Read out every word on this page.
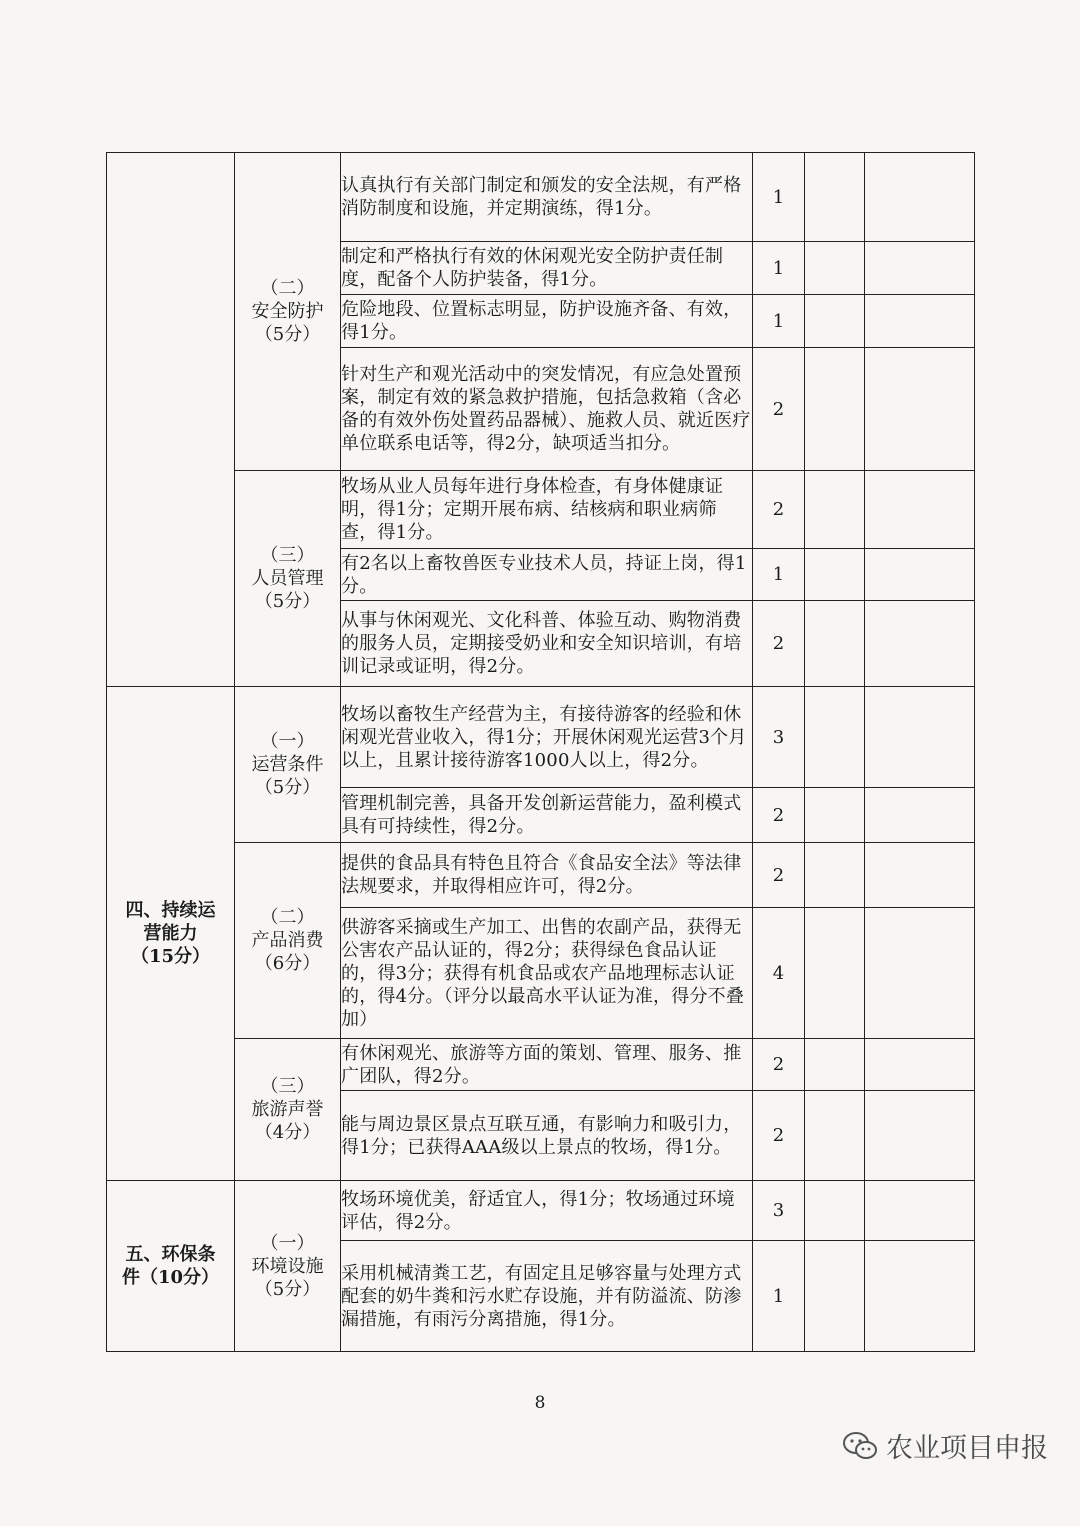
	（二）
安全防护
（5分）	认真执行有关部门制定和颁发的安全法规，有严格消防制度和设施，并定期演练，得1分。	1		
		制定和严格执行有效的休闲观光安全防护责任制度，配备个人防护装备，得1分。	1		
		危险地段、位置标志明显，防护设施齐备、有效，得1分。	1		
		针对生产和观光活动中的突发情况，有应急处置预案，制定有效的紧急救护措施，包括急救箱（含必备的有效外伤处置药品器械）、施救人员、就近医疗单位联系电话等，得2分，缺项适当扣分。	2		

	（三）
人员管理
（5分）	牧场从业人员每年进行身体检查，有身体健康证明，得1分；定期开展布病、结核病和职业病筛查，得1分。	2		
		有2名以上畜牧兽医专业技术人员，持证上岗，得1分。	1		
		从事与休闲观光、文化科普、体验互动、购物消费的服务人员，定期接受奶业和安全知识培训，有培训记录或证明，得2分。	2		

四、持续运
营能力
（15分）	（一）
运营条件
（5分）	牧场以畜牧生产经营为主，有接待游客的经验和休闲观光营业收入，得1分；开展休闲观光运营3个月以上，且累计接待游客1000人以上，得2分。	3		
		管理机制完善，具备开发创新运营能力，盈利模式具有可持续性，得2分。	2		

	（二）
产品消费
（6分）	提供的食品具有特色且符合《食品安全法》等法律法规要求，并取得相应许可，得2分。	2		
		供游客采摘或生产加工、出售的农副产品，获得无公害农产品认证的，得2分；获得绿色食品认证的，得3分；获得有机食品或农产品地理标志认证的，得4分。（评分以最高水平认证为准，得分不叠加）	4		

	（三）
旅游声誉
（4分）	有休闲观光、旅游等方面的策划、管理、服务、推广团队，得2分。	2		
		能与周边景区景点互联互通，有影响力和吸引力，得1分；已获得AAA级以上景点的牧场，得1分。	2		

五、环保条
件（10分）	（一）
环境设施
（5分）	牧场环境优美，舒适宜人，得1分；牧场通过环境评估，得2分。	3		
		采用机械清粪工艺，有固定且足够容量与处理方式配套的奶牛粪和污水贮存设施，并有防溢流、防渗漏措施，有雨污分离措施，得1分。	1		
8
农业项目申报
